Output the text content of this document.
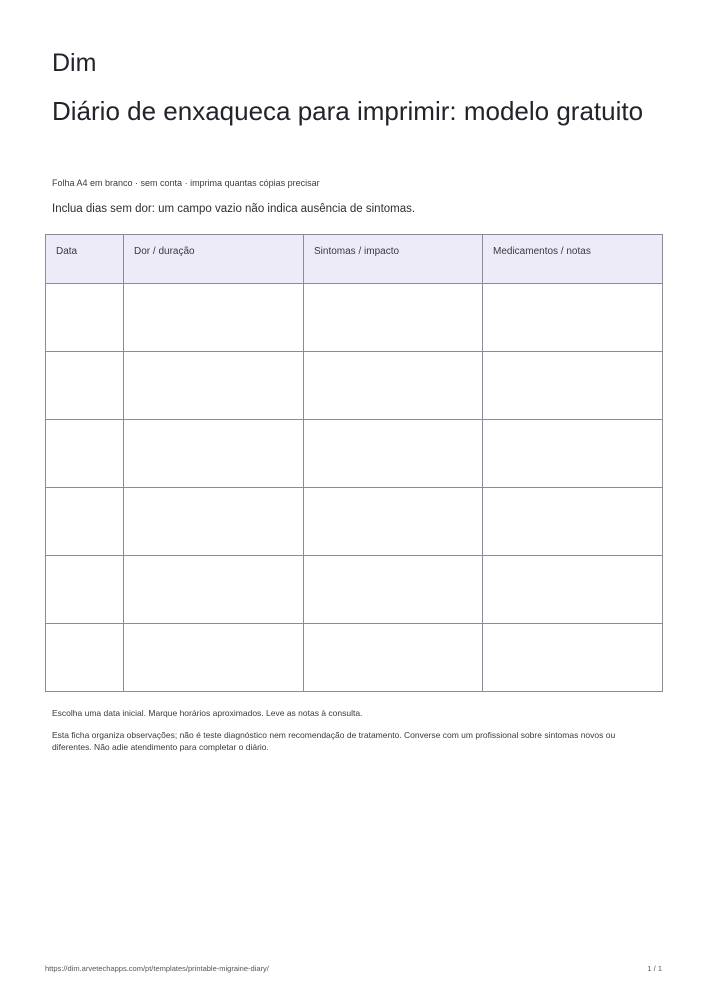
Dim
Diário de enxaqueca para imprimir: modelo gratuito
Folha A4 em branco · sem conta · imprima quantas cópias precisar
Inclua dias sem dor: um campo vazio não indica ausência de sintomas.
Data	Dor / duração	Sintomas / impacto	Medicamentos / notas

Escolha uma data inicial. Marque horários aproximados. Leve as notas à consulta.
Esta ficha organiza observações; não é teste diagnóstico nem recomendação de tratamento. Converse com um profissional sobre sintomas novos ou diferentes. Não adie atendimento para completar o diário.
https://dim.arvetechapps.com/pt/templates/printable-migraine-diary/	1 / 1
